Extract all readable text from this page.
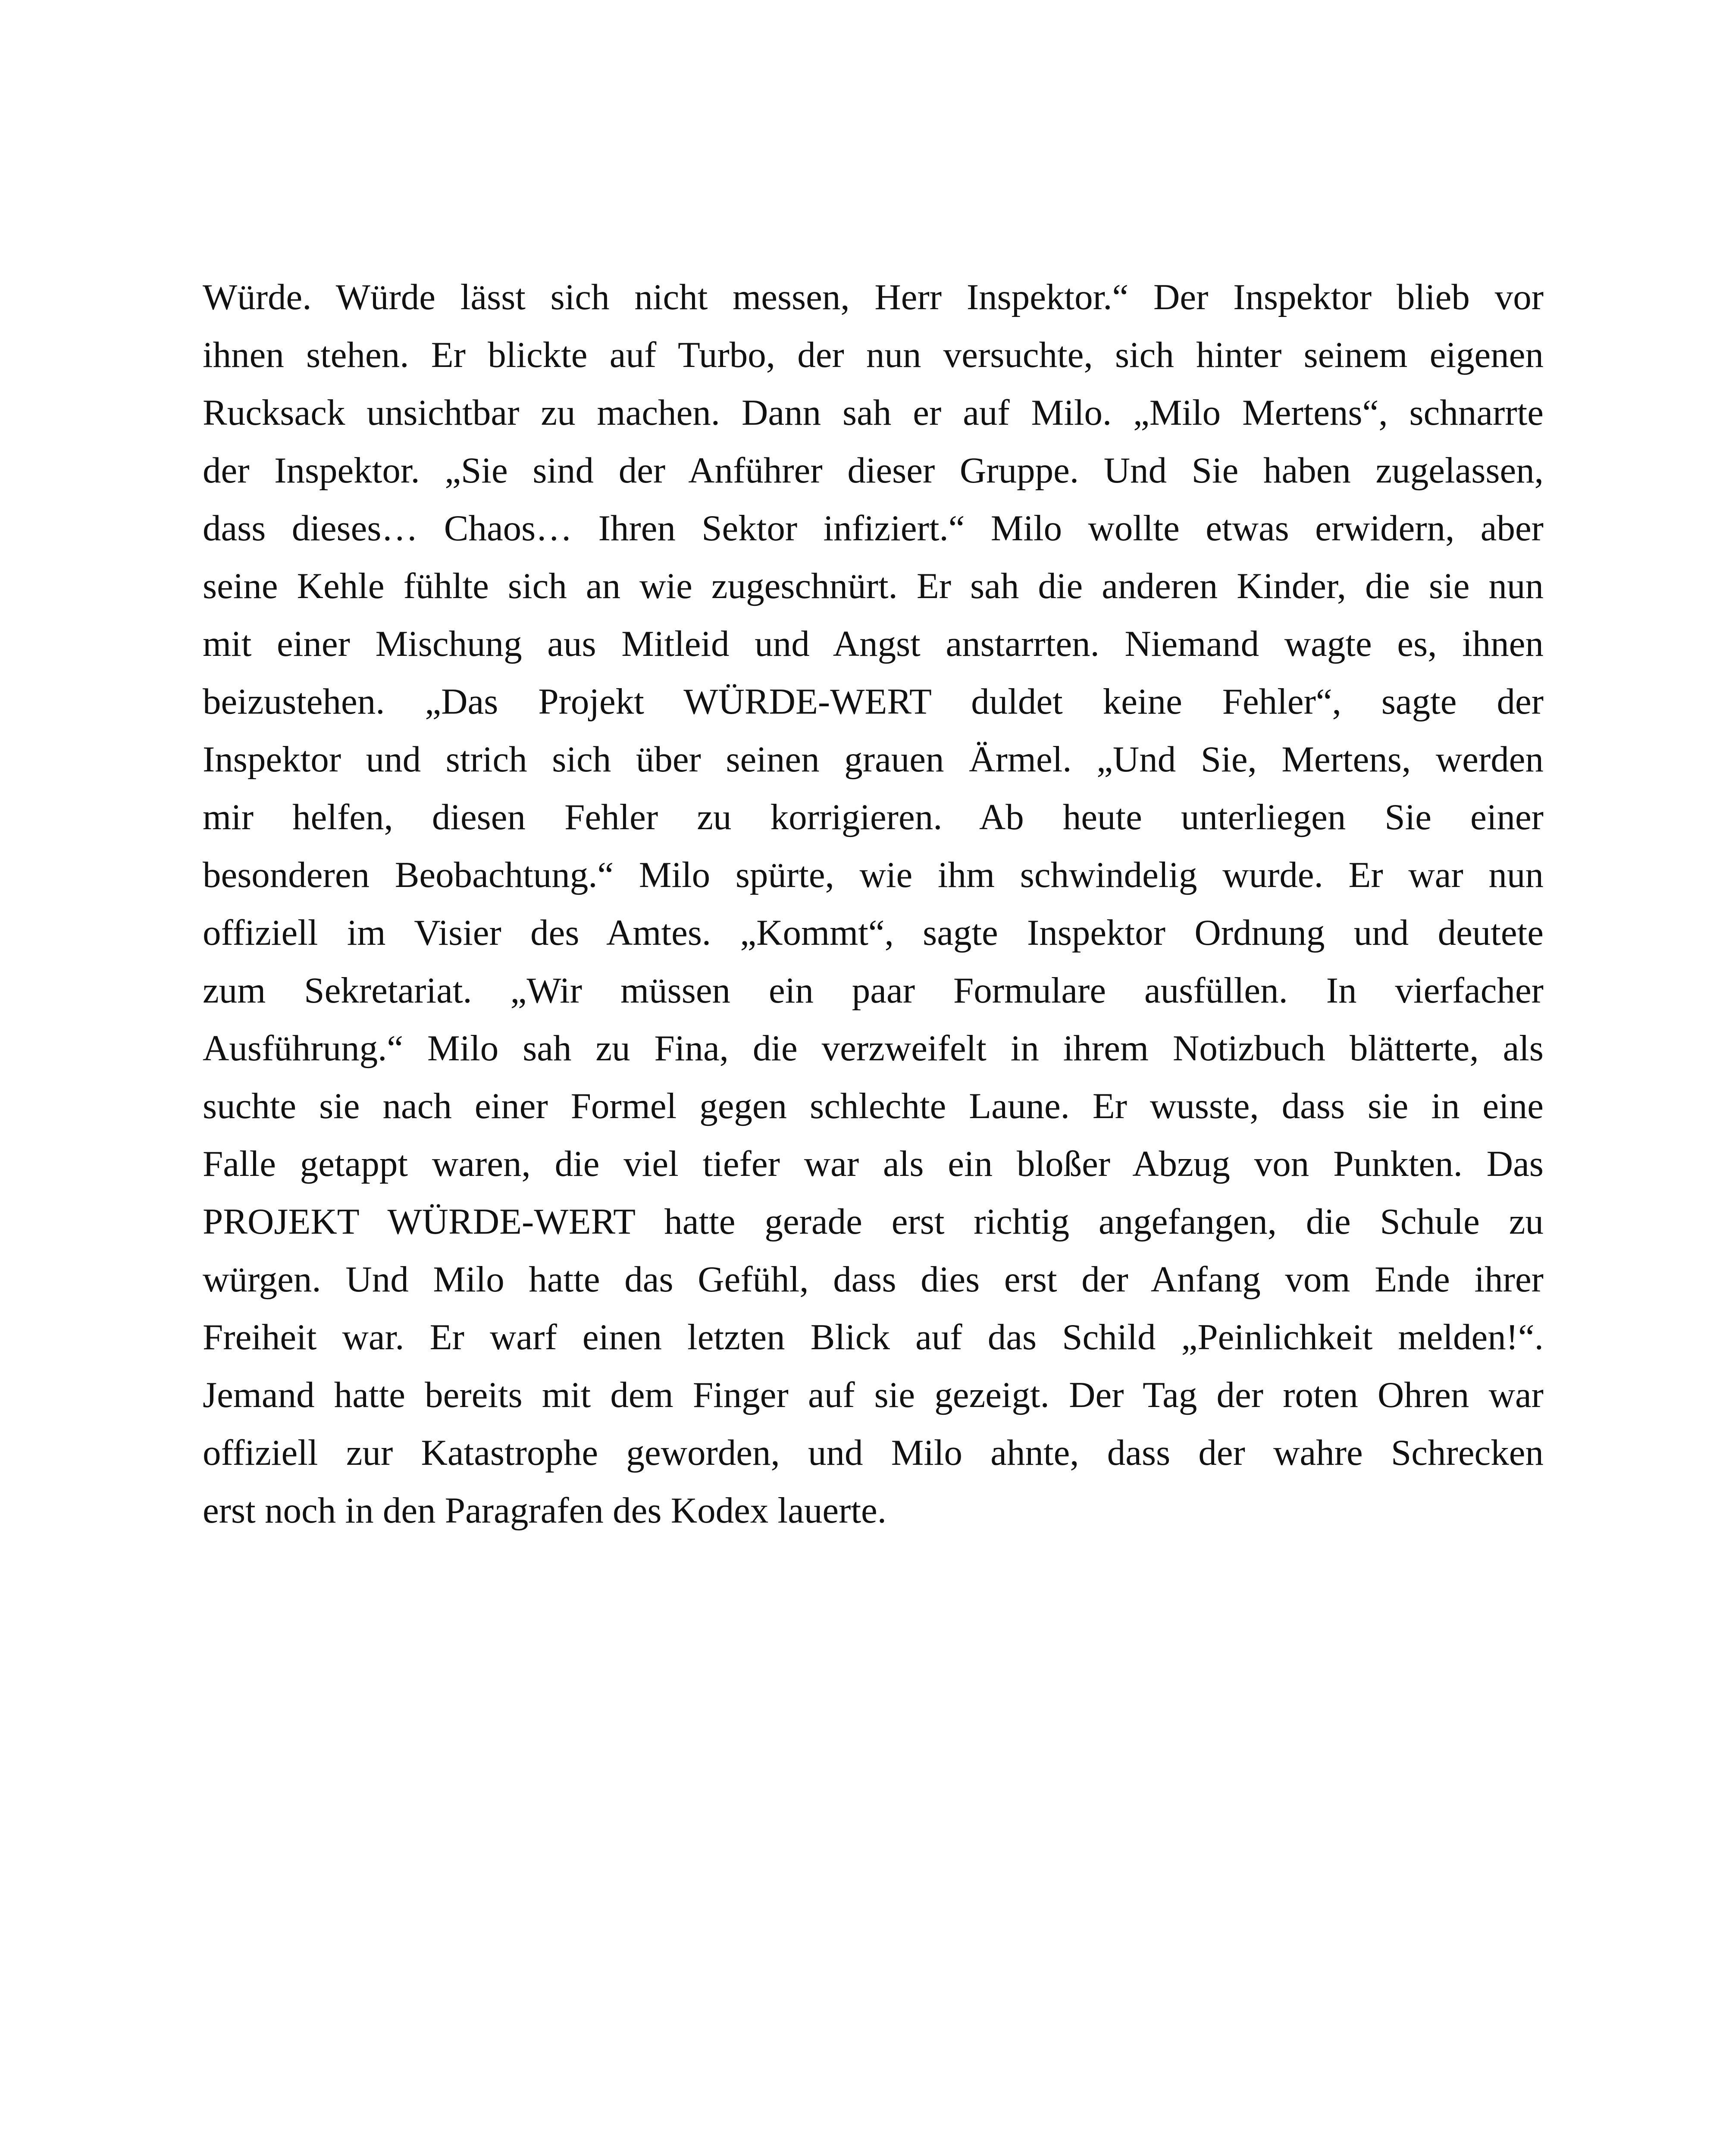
Würde. Würde lässt sich nicht messen, Herr Inspektor.“ Der Inspektor blieb vor
ihnen stehen. Er blickte auf Turbo, der nun versuchte, sich hinter seinem eigenen
Rucksack unsichtbar zu machen. Dann sah er auf Milo. „Milo Mertens“, schnarrte
der Inspektor. „Sie sind der Anführer dieser Gruppe. Und Sie haben zugelassen,
dass dieses… Chaos… Ihren Sektor infiziert.“ Milo wollte etwas erwidern, aber
seine Kehle fühlte sich an wie zugeschnürt. Er sah die anderen Kinder, die sie nun
mit einer Mischung aus Mitleid und Angst anstarrten. Niemand wagte es, ihnen
beizustehen. „Das Projekt WÜRDE-WERT duldet keine Fehler“, sagte der
Inspektor und strich sich über seinen grauen Ärmel. „Und Sie, Mertens, werden
mir helfen, diesen Fehler zu korrigieren. Ab heute unterliegen Sie einer
besonderen Beobachtung.“ Milo spürte, wie ihm schwindelig wurde. Er war nun
offiziell im Visier des Amtes. „Kommt“, sagte Inspektor Ordnung und deutete
zum Sekretariat. „Wir müssen ein paar Formulare ausfüllen. In vierfacher
Ausführung.“ Milo sah zu Fina, die verzweifelt in ihrem Notizbuch blätterte, als
suchte sie nach einer Formel gegen schlechte Laune. Er wusste, dass sie in eine
Falle getappt waren, die viel tiefer war als ein bloßer Abzug von Punkten. Das
PROJEKT WÜRDE-WERT hatte gerade erst richtig angefangen, die Schule zu
würgen. Und Milo hatte das Gefühl, dass dies erst der Anfang vom Ende ihrer
Freiheit war. Er warf einen letzten Blick auf das Schild „Peinlichkeit melden!“.
Jemand hatte bereits mit dem Finger auf sie gezeigt. Der Tag der roten Ohren war
offiziell zur Katastrophe geworden, und Milo ahnte, dass der wahre Schrecken
erst noch in den Paragrafen des Kodex lauerte.
